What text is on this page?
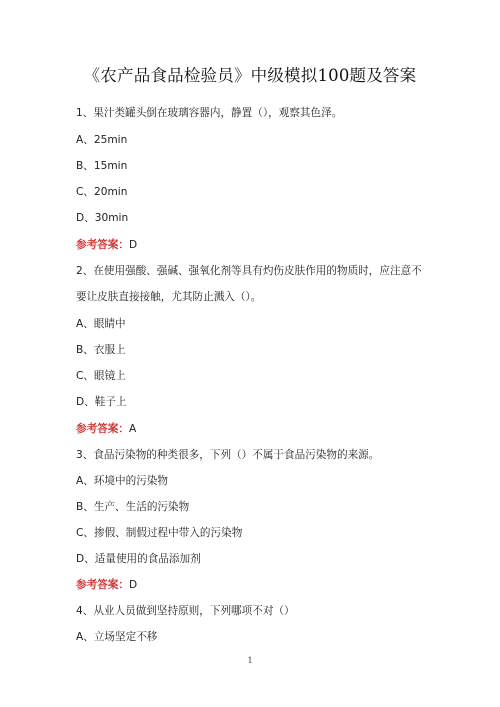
《农产品食品检验员》中级模拟100题及答案
1、果汁类罐头倒在玻璃容器内，静置（），观察其色泽。
A、25min
B、15min
C、20min
D、30min
参考答案：D
2、在使用强酸、强碱、强氧化剂等具有灼伤皮肤作用的物质时，应注意不
要让皮肤直接接触，尤其防止溅入（）。
A、眼睛中
B、衣服上
C、眼镜上
D、鞋子上
参考答案：A
3、食品污染物的种类很多，下列（）不属于食品污染物的来源。
A、环境中的污染物
B、生产、生活的污染物
C、掺假、制假过程中带入的污染物
D、适量使用的食品添加剂
参考答案：D
4、从业人员做到坚持原则，下列哪项不对（）
A、立场坚定不移
1
